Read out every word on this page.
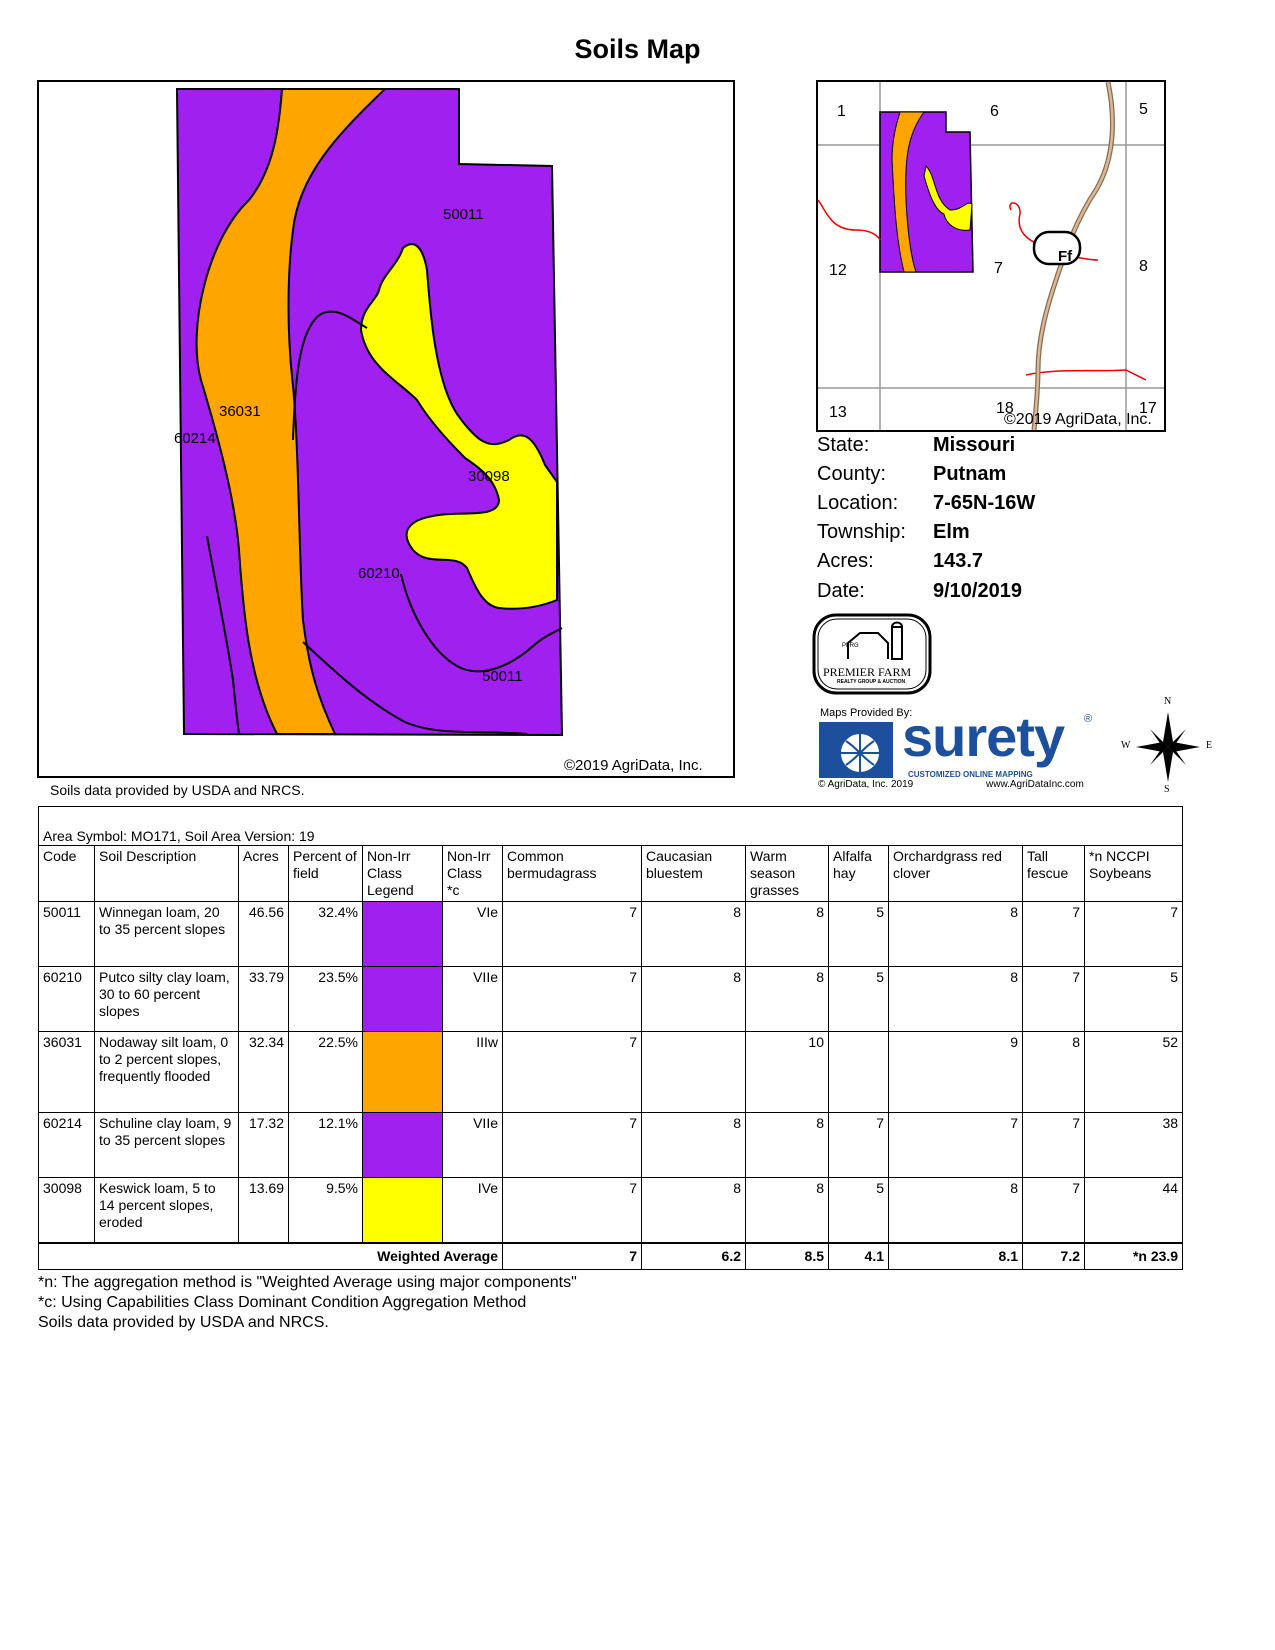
Soils Map
50011
36031
60214
30098
60210
50011
©2019 AgriData, Inc.
Soils data provided by USDA and NRCS.
1	6	5
12	7	8
13	18	17
Ff
©2019 AgriData, Inc.
State:	Missouri
County: Putnam
Location: 7-65N-16W
Township: Elm
Acres:	143.7
Date:	9/10/2019
PFRG
PREMIER FARM
REALTY GROUP & AUCTION
Maps Provided By:
surety ®
CUSTOMIZED ONLINE MAPPING
© AgriData, Inc. 2019	www.AgriDataInc.com
N
S
E
W
Area Symbol: MO171, Soil Area Version: 19												
Code	Soil Description	Acres	Percent of field	Non-Irr Class Legend	Non-Irr Class *c	Common bermudagrass	Caucasian bluestem	Warm season grasses	Alfalfa hay	Orchardgrass red clover	Tall fescue	*n NCCPI Soybeans
50011	Winnegan loam, 20 to 35 percent slopes	46.56	32.4%		VIe	7	8	8	5	8	7	7
60210	Putco silty clay loam, 30 to 60 percent slopes	33.79	23.5%		VIIe	7	8	8	5	8	7	5
36031	Nodaway silt loam, 0 to 2 percent slopes, frequently flooded	32.34	22.5%		IIIw	7		10		9	8	52
60214	Schuline clay loam, 9 to 35 percent slopes	17.32	12.1%		VIIe	7	8	8	7	7	7	38
30098	Keswick loam, 5 to 14 percent slopes, eroded	13.69	9.5%		IVe	7	8	8	5	8	7	44
Weighted Average						7	6.2	8.5	4.1	8.1	7.2	*n 23.9
*n: The aggregation method is "Weighted Average using major components"
*c: Using Capabilities Class Dominant Condition Aggregation Method
Soils data provided by USDA and NRCS.
